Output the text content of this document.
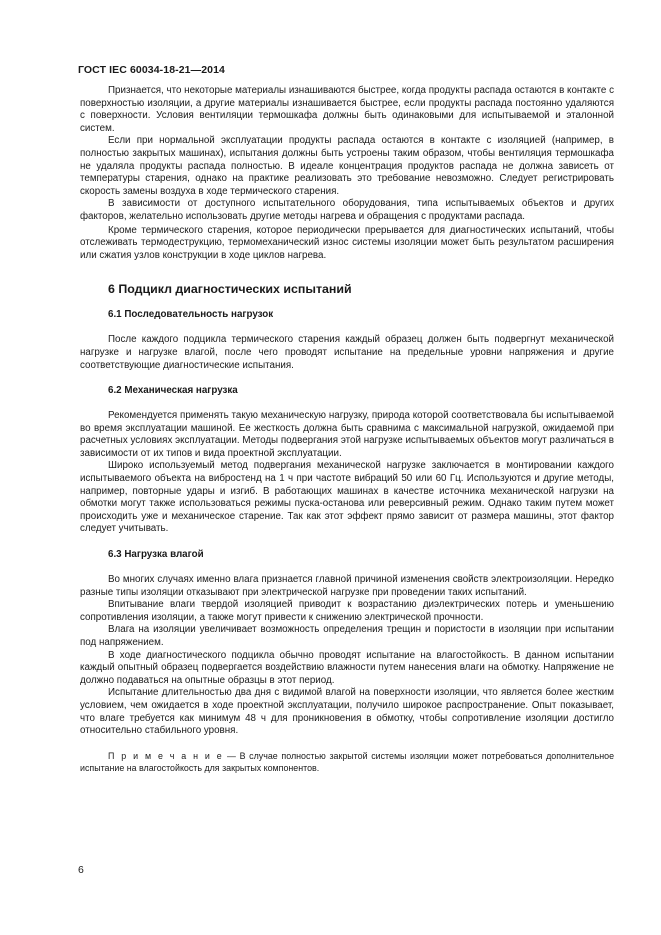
ГОСТ IEC 60034-18-21—2014

Признается, что некоторые материалы изнашиваются быстрее, когда продукты распада остаются в контакте с поверхностью изоляции, а другие материалы изнашивается быстрее, если продукты распада постоянно удаляются с поверхности. Условия вентиляции термошкафа должны быть одинаковыми для испытываемой и эталонной систем.

Если при нормальной эксплуатации продукты распада остаются в контакте с изоляцией (например, в полностью закрытых машинах), испытания должны быть устроены таким образом, чтобы вентиляция термошкафа не удаляла продукты распада полностью. В идеале концентрация продуктов распада не должна зависеть от температуры старения, однако на практике реализовать это требование невозможно. Следует регистрировать скорость замены воздуха в ходе термического старения.

В зависимости от доступного испытательного оборудования, типа испытываемых объектов и других факторов, желательно использовать другие методы нагрева и обращения с продуктами распада.

Кроме термического старения, которое периодически прерывается для диагностических испытаний, чтобы отслеживать термодеструкцию, термомеханический износ системы изоляции может быть результатом расширения или сжатия узлов конструкции в ходе циклов нагрева.

6 Подцикл диагностических испытаний
6.1 Последовательность нагрузок

После каждого подцикла термического старения каждый образец должен быть подвергнут механической нагрузке и нагрузке влагой, после чего проводят испытание на предельные уровни напряжения и другие соответствующие диагностические испытания.

6.2 Механическая нагрузка

Рекомендуется применять такую механическую нагрузку, природа которой соответствовала бы испытываемой во время эксплуатации машиной. Ее жесткость должна быть сравнима с максимальной нагрузкой, ожидаемой при расчетных условиях эксплуатации. Методы подвергания этой нагрузке испытываемых объектов могут различаться в зависимости от их типов и вида проектной эксплуатации.

Широко используемый метод подвергания механической нагрузке заключается в монтировании каждого испытываемого объекта на вибростенд на 1 ч при частоте вибраций 50 или 60 Гц. Используются и другие методы, например, повторные удары и изгиб. В работающих машинах в качестве источника механической нагрузки на обмотки могут также использоваться режимы пуска-останова или реверсивный режим. Однако таким путем может происходить уже и механическое старение. Так как этот эффект прямо зависит от размера машины, этот фактор следует учитывать.

6.3 Нагрузка влагой

Во многих случаях именно влага признается главной причиной изменения свойств электроизоляции. Нередко разные типы изоляции отказывают при электрической нагрузке при проведении таких испытаний.

Впитывание влаги твердой изоляцией приводит к возрастанию диэлектрических потерь и уменьшению сопротивления изоляции, а также могут привести к снижению электрической прочности.

Влага на изоляции увеличивает возможность определения трещин и пористости в изоляции при испытании под напряжением.

В ходе диагностического подцикла обычно проводят испытание на влагостойкость. В данном испытании каждый опытный образец подвергается воздействию влажности путем нанесения влаги на обмотку. Напряжение не должно подаваться на опытные образцы в этот период.

Испытание длительностью два дня с видимой влагой на поверхности изоляции, что является более жестким условием, чем ожидается в ходе проектной эксплуатации, получило широкое распространение. Опыт показывает, что влаге требуется как минимум 48 ч для проникновения в обмотку, чтобы сопротивление изоляции достигло относительно стабильного уровня.

П р и м е ч а н и е — В случае полностью закрытой системы изоляции может потребоваться дополнительное испытание на влагостойкость для закрытых компонентов.
6
